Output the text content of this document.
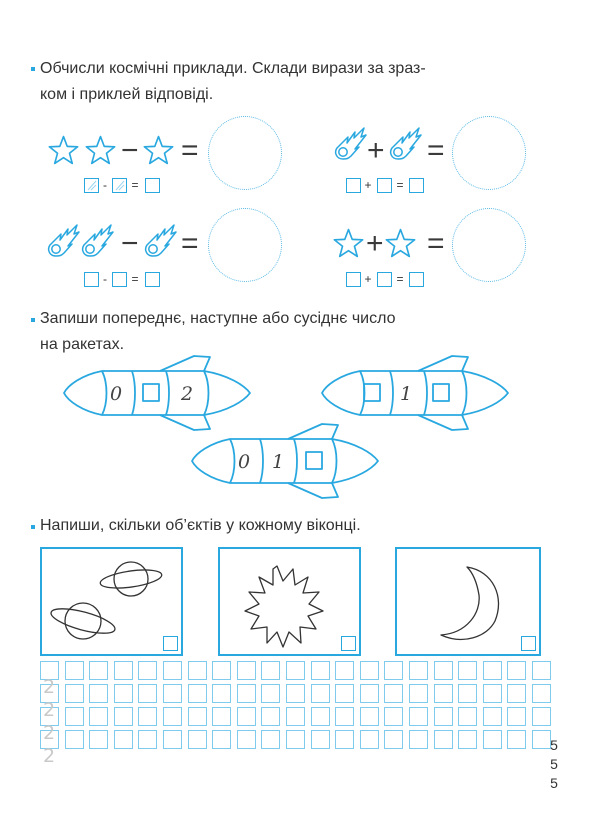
Обчисли космічні приклади. Склади вирази за зраз-
ком і приклей відповіді.
− =
- =
+ =
+ =
− =
- =
+ =
+ =
Запиши попереднє, наступне або сусіднє число
на ракетах.
0	2	1
0 1
Напиши, скільки об’єктів у кожному віконці.
2
2
2
2	5
5
5
